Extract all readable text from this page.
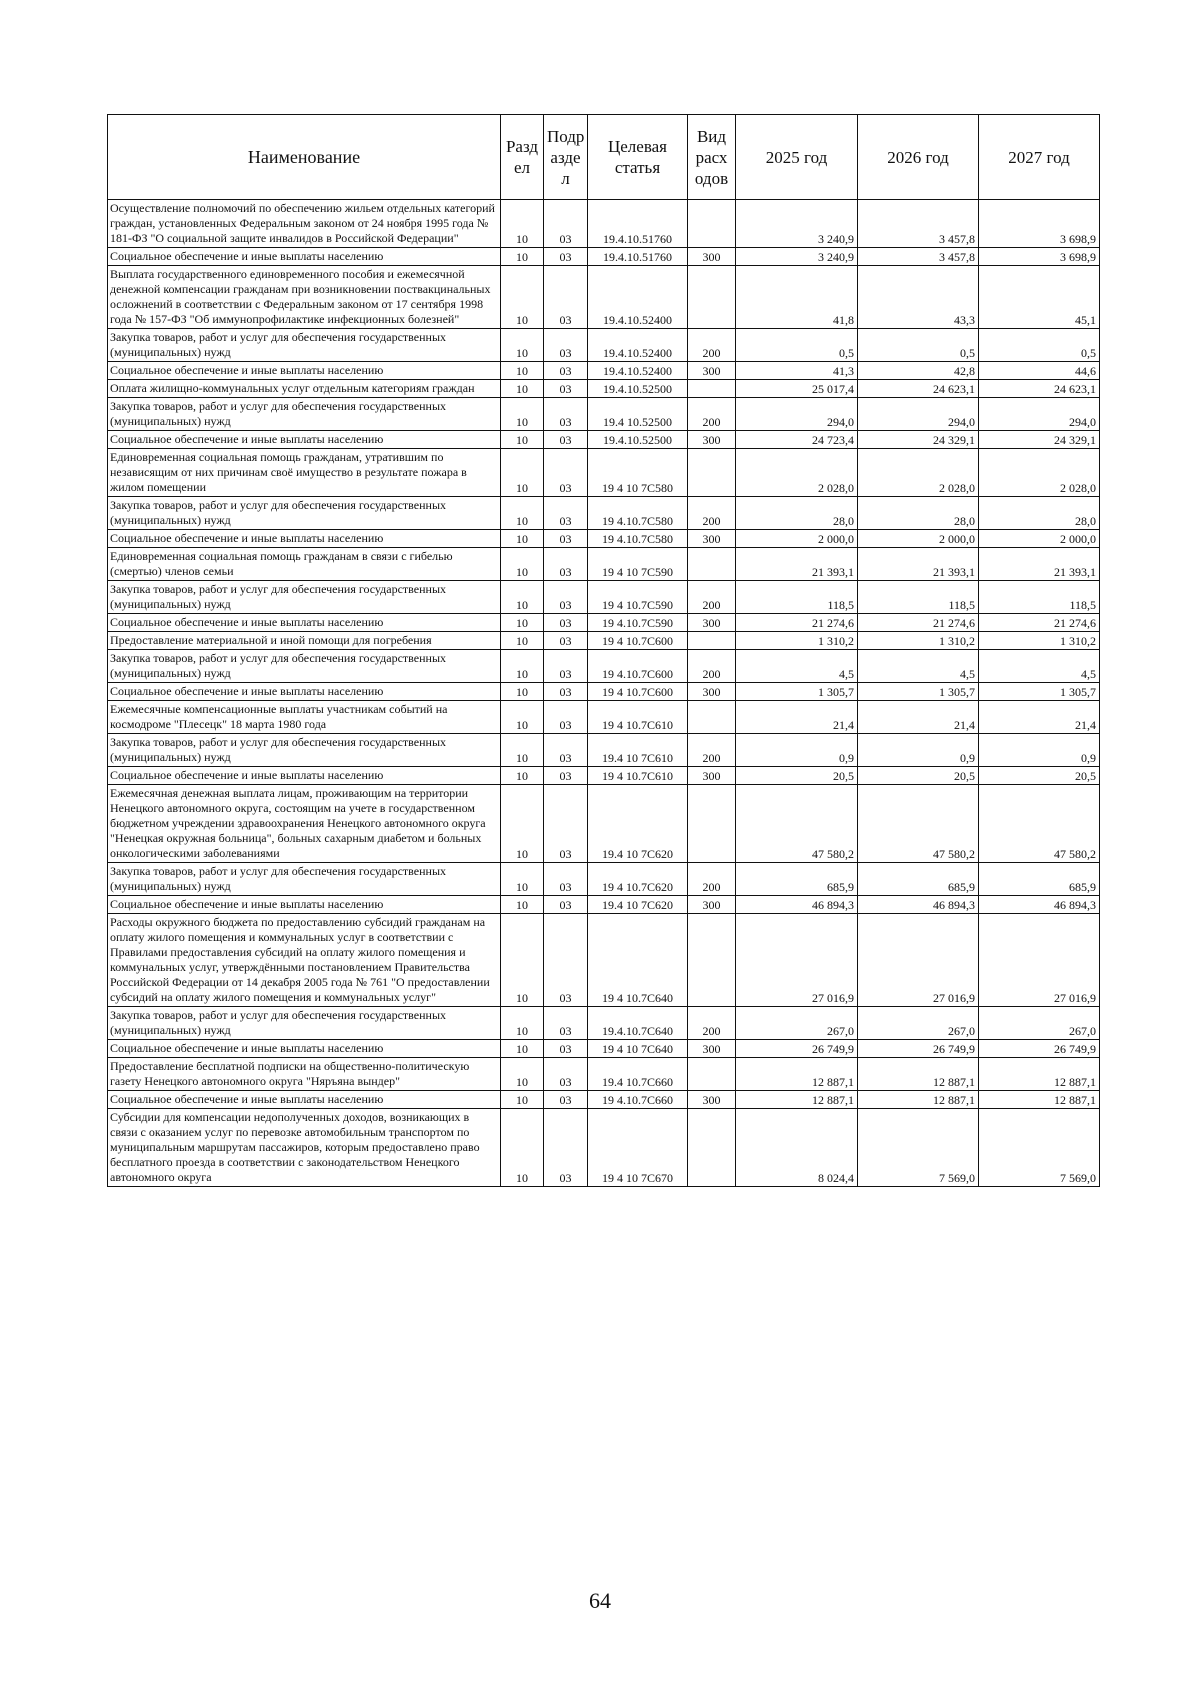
Наименование	Разд ел	Подр азде л	Целевая статья	Вид расх одов	2025 год	2026 год	2027 год
Осуществление полномочий по обеспечению жильем отдельных категорий граждан, установленных Федеральным законом от 24 ноября 1995 года № 181-ФЗ "О социальной защите инвалидов в Российской Федерации"	10	03	19.4.10.51760		3 240,9	3 457,8	3 698,9
Социальное обеспечение и иные выплаты населению	10	03	19.4.10.51760	300	3 240,9	3 457,8	3 698,9
Выплата государственного единовременного пособия и ежемесячной денежной компенсации гражданам при возникновении поствакцинальных осложнений в соответствии с Федеральным законом от 17 сентября 1998 года № 157-ФЗ "Об иммунопрофилактике инфекционных болезней"	10	03	19.4.10.52400		41,8	43,3	45,1
Закупка товаров, работ и услуг для обеспечения государственных (муниципальных) нужд	10	03	19.4.10.52400	200	0,5	0,5	0,5
Социальное обеспечение и иные выплаты населению	10	03	19.4.10.52400	300	41,3	42,8	44,6
Оплата жилищно-коммунальных услуг отдельным категориям граждан	10	03	19.4.10.52500		25 017,4	24 623,1	24 623,1
Закупка товаров, работ и услуг для обеспечения государственных (муниципальных) нужд	10	03	19.4 10.52500	200	294,0	294,0	294,0
Социальное обеспечение и иные выплаты населению	10	03	19.4.10.52500	300	24 723,4	24 329,1	24 329,1
Единовременная социальная помощь гражданам, утратившим по независящим от них причинам своё имущество в результате пожара в жилом помещении	10	03	19 4 10 7С580		2 028,0	2 028,0	2 028,0
Закупка товаров, работ и услуг для обеспечения государственных (муниципальных) нужд	10	03	19 4.10.7С580	200	28,0	28,0	28,0
Социальное обеспечение и иные выплаты населению	10	03	19 4.10.7С580	300	2 000,0	2 000,0	2 000,0
Единовременная социальная помощь гражданам в связи с гибелью (смертью) членов семьи	10	03	19 4 10 7С590		21 393,1	21 393,1	21 393,1
Закупка товаров, работ и услуг для обеспечения государственных (муниципальных) нужд	10	03	19 4 10.7С590	200	118,5	118,5	118,5
Социальное обеспечение и иные выплаты населению	10	03	19 4.10.7С590	300	21 274,6	21 274,6	21 274,6
Предоставление материальной и иной помощи для погребения	10	03	19 4 10.7С600		1 310,2	1 310,2	1 310,2
Закупка товаров, работ и услуг для обеспечения государственных (муниципальных) нужд	10	03	19 4.10.7С600	200	4,5	4,5	4,5
Социальное обеспечение и иные выплаты населению	10	03	19 4 10.7С600	300	1 305,7	1 305,7	1 305,7
Ежемесячные компенсационные выплаты участникам событий на космодроме "Плесецк" 18 марта 1980 года	10	03	19 4 10.7С610		21,4	21,4	21,4
Закупка товаров, работ и услуг для обеспечения государственных (муниципальных) нужд	10	03	19.4 10 7С610	200	0,9	0,9	0,9
Социальное обеспечение и иные выплаты населению	10	03	19 4 10.7С610	300	20,5	20,5	20,5
Ежемесячная денежная выплата лицам, проживающим на территории Ненецкого автономного округа, состоящим на учете в государственном бюджетном учреждении здравоохранения Ненецкого автономного округа "Ненецкая окружная больница", больных сахарным диабетом и больных онкологическими заболеваниями	10	03	19.4 10 7С620		47 580,2	47 580,2	47 580,2
Закупка товаров, работ и услуг для обеспечения государственных (муниципальных) нужд	10	03	19 4 10.7С620	200	685,9	685,9	685,9
Социальное обеспечение и иные выплаты населению	10	03	19.4 10 7С620	300	46 894,3	46 894,3	46 894,3
Расходы окружного бюджета по предоставлению субсидий гражданам на оплату жилого помещения и коммунальных услуг в соответствии с Правилами предоставления субсидий на оплату жилого помещения и коммунальных услуг, утверждёнными постановлением Правительства Российской Федерации от 14 декабря 2005 года № 761 "О предоставлении субсидий на оплату жилого помещения и коммунальных услуг"	10	03	19 4 10.7С640		27 016,9	27 016,9	27 016,9
Закупка товаров, работ и услуг для обеспечения государственных (муниципальных) нужд	10	03	19.4.10.7С640	200	267,0	267,0	267,0
Социальное обеспечение и иные выплаты населению	10	03	19 4 10 7С640	300	26 749,9	26 749,9	26 749,9
Предоставление бесплатной подписки на общественно-политическую газету Ненецкого автономного округа "Няръяна вындер"	10	03	19.4 10.7С660		12 887,1	12 887,1	12 887,1
Социальное обеспечение и иные выплаты населению	10	03	19 4.10.7С660	300	12 887,1	12 887,1	12 887,1
Субсидии для компенсации недополученных доходов, возникающих в связи с оказанием услуг по перевозке автомобильным транспортом по муниципальным маршрутам пассажиров, которым предоставлено право бесплатного проезда в соответствии с законодательством Ненецкого автономного округа	10	03	19 4 10 7С670		8 024,4	7 569,0	7 569,0
64
